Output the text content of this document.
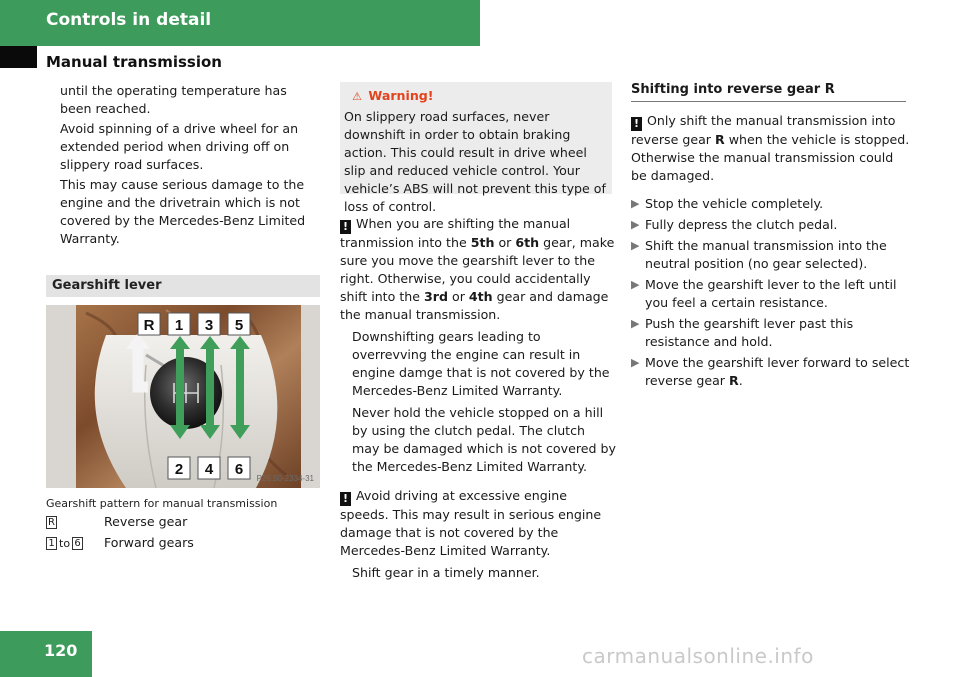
Controls in detail
Manual transmission

until the operating temperature has been reached.

Avoid spinning of a drive wheel for an extended period when driving off on slippery road surfaces.

This may cause serious damage to the engine and the drivetrain which is not covered by the Mercedes-Benz Limited Warranty.

Gearshift lever
R 1 3 5
2 4 6
P26.50-2334-31
Gearshift pattern for manual transmission
R	Reverse gear
1 to 6 Forward gears
⚠ Warning!
On slippery road surfaces, never downshift in order to obtain braking action. This could result in drive wheel slip and reduced vehicle control. Your vehicle’s ABS will not prevent this type of loss of control.

! When you are shifting the manual tranmission into the 5th or 6th gear, make sure you move the gearshift lever to the right. Otherwise, you could accidentally shift into the 3rd or 4th gear and damage the manual transmission.

Downshifting gears leading to overrevving the engine can result in engine damge that is not covered by the Mercedes-Benz Limited Warranty.

Never hold the vehicle stopped on a hill by using the clutch pedal. The clutch may be damaged which is not covered by the Mercedes-Benz Limited Warranty.

! Avoid driving at excessive engine speeds. This may result in serious engine damage that is not covered by the Mercedes-Benz Limited Warranty.

Shift gear in a timely manner.

Shifting into reverse gear R

! Only shift the manual transmission into reverse gear R when the vehicle is stopped. Otherwise the manual transmission could be damaged.

▶ Stop the vehicle completely.
▶ Fully depress the clutch pedal.
▶ Shift the manual transmission into the neutral position (no gear selected).
▶ Move the gearshift lever to the left until you feel a certain resistance.
▶ Push the gearshift lever past this resistance and hold.
▶ Move the gearshift lever forward to select reverse gear R.
120	carmanualsonline.info
